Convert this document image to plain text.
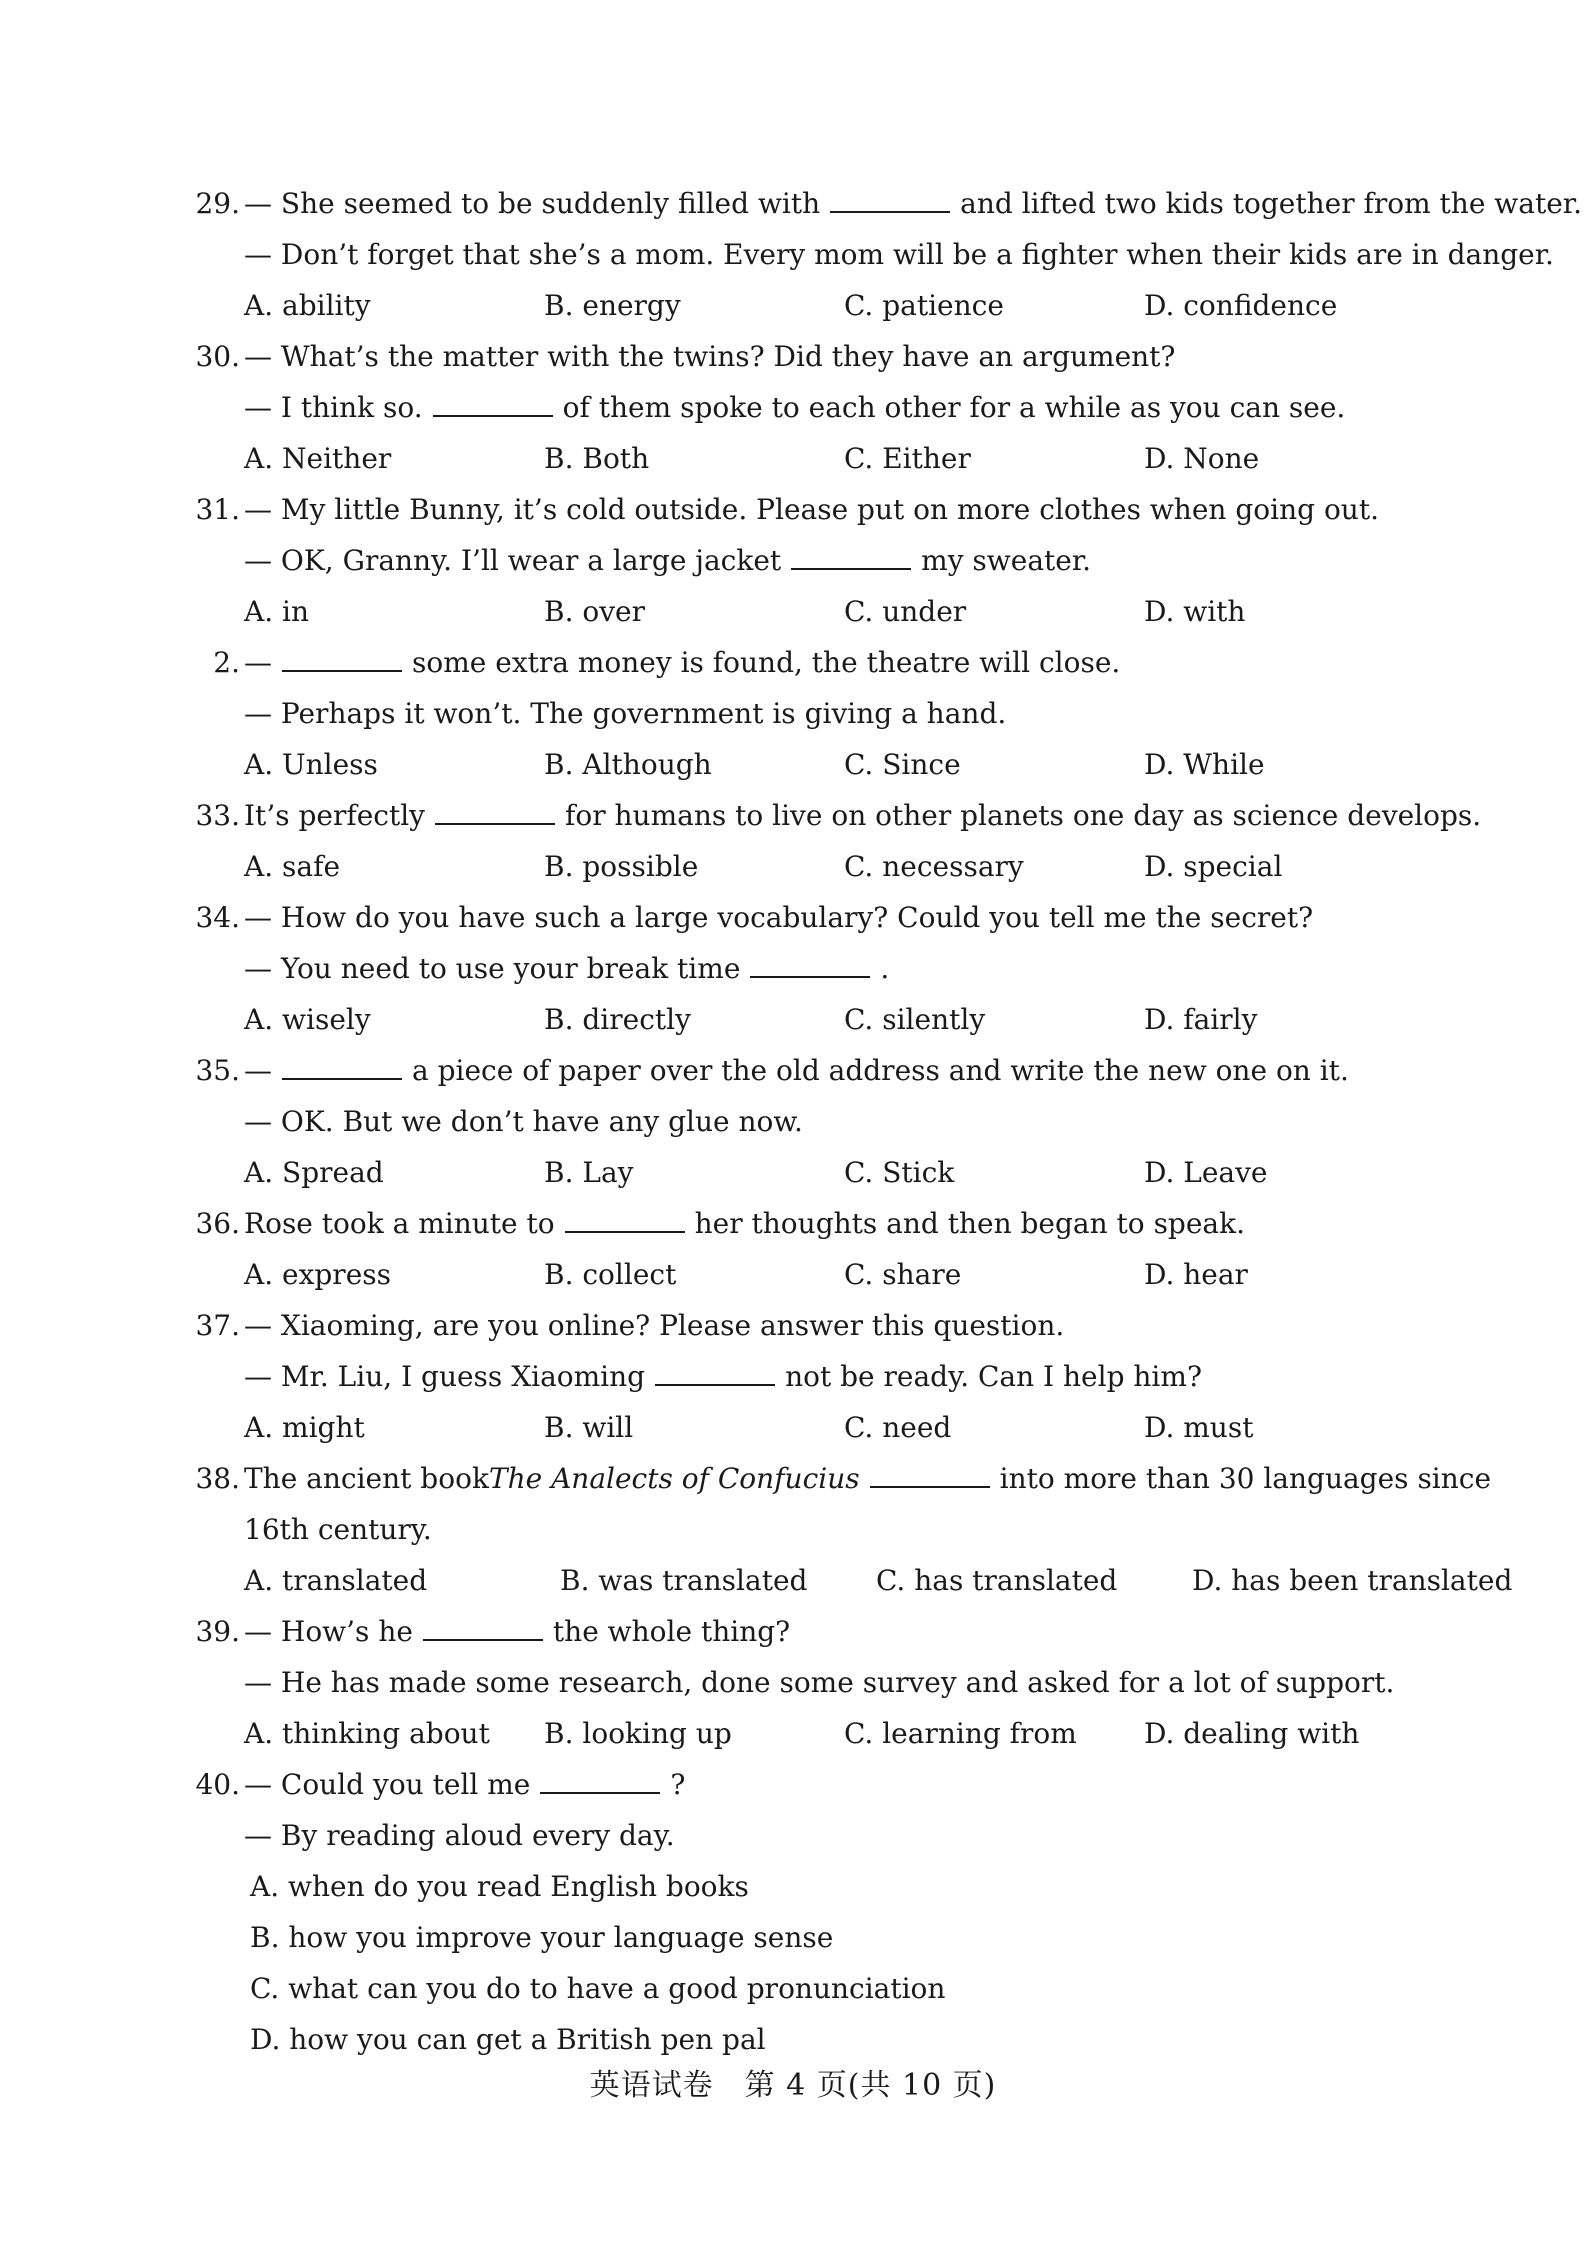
29. — She seemed to be suddenly filled with	and lifted two kids together from the water.
— Don’t forget that she’s a mom. Every mom will be a fighter when their kids are in danger.
A. ability	B. energy	C. patience	D. confidence
30. — What’s the matter with the twins? Did they have an argument?
— I think so.	of them spoke to each other for a while as you can see.
A. Neither	B. Both	C. Either	D. None
31. — My little Bunny, it’s cold outside. Please put on more clothes when going out.
— OK, Granny. I’ll wear a large jacket	my sweater.
A. in	B. over	C. under	D. with
2. —	some extra money is found, the theatre will close.
— Perhaps it won’t. The government is giving a hand.
A. Unless	B. Although	C. Since	D. While
33. It’s perfectly	for humans to live on other planets one day as science develops.
A. safe	B. possible	C. necessary	D. special
34. — How do you have such a large vocabulary? Could you tell me the secret?
— You need to use your break time	.
A. wisely	B. directly	C. silently	D. fairly
35. —	a piece of paper over the old address and write the new one on it.
— OK. But we don’t have any glue now.
A. Spread	B. Lay	C. Stick	D. Leave
36. Rose took a minute to	her thoughts and then began to speak.
A. express	B. collect	C. share	D. hear
37. — Xiaoming, are you online? Please answer this question.
— Mr. Liu, I guess Xiaoming	not be ready. Can I help him?
A. might	B. will	C. need	D. must
38. The ancient book The Analects of Confucius	into more than 30 languages since
16th century.
A. translated	B. was translated	C. has translated	D. has been translated
39. — How’s he	the whole thing?
— He has made some research, done some survey and asked for a lot of support.
A. thinking about	B. looking up	C. learning from	D. dealing with
40. — Could you tell me	?
— By reading aloud every day.
A. when do you read English books
B. how you improve your language sense
C. what can you do to have a good pronunciation
D. how you can get a British pen pal
英语试卷　第 4 页(共 10 页)
